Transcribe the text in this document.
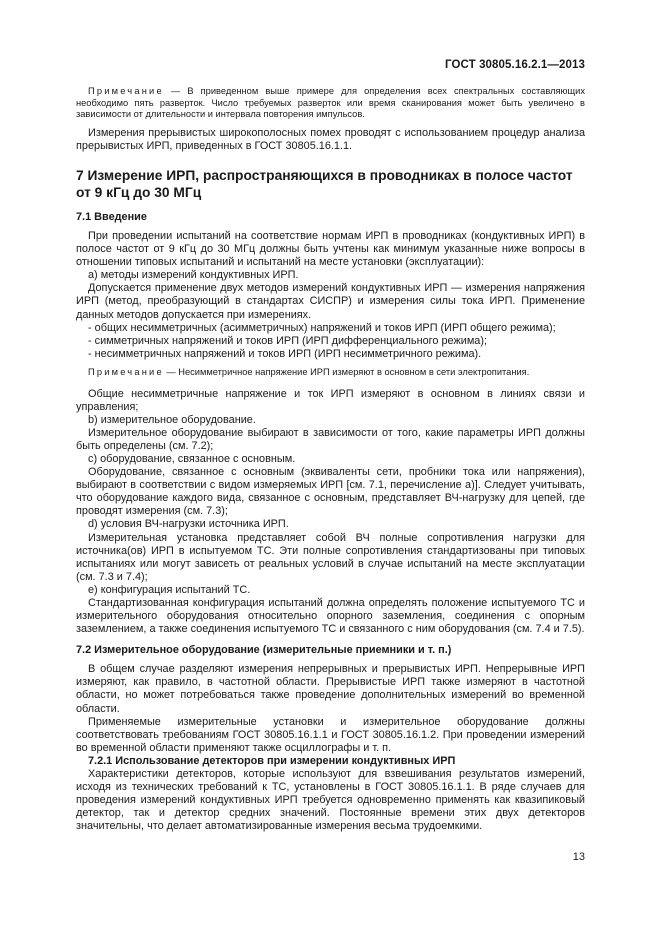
ГОСТ 30805.16.2.1—2013

Примечание — В приведенном выше примере для определения всех спектральных составляющих необходимо пять разверток. Число требуемых разверток или время сканирования может быть увеличено в зависимости от длительности и интервала повторения импульсов.

Измерения прерывистых широкополосных помех проводят с использованием процедур анализа прерывистых ИРП, приведенных в ГОСТ 30805.16.1.1.

7 Измерение ИРП, распространяющихся в проводниках в полосе частот от 9 кГц до 30 МГц
7.1 Введение

При проведении испытаний на соответствие нормам ИРП в проводниках (кондуктивных ИРП) в полосе частот от 9 кГц до 30 МГц должны быть учтены как минимум указанные ниже вопросы в отношении типовых испытаний и испытаний на месте установки (эксплуатации):

а) методы измерений кондуктивных ИРП.

Допускается применение двух методов измерений кондуктивных ИРП — измерения напряжения ИРП (метод, преобразующий в стандартах СИСПР) и измерения силы тока ИРП. Применение данных методов допускается при измерениях.

- общих несимметричных (асимметричных) напряжений и токов ИРП (ИРП общего режима);

- симметричных напряжений и токов ИРП (ИРП дифференциального режима);

- несимметричных напряжений и токов ИРП (ИРП несимметричного режима).

Примечание — Несимметричное напряжение ИРП измеряют в основном в сети электропитания.

Общие несимметричные напряжение и ток ИРП измеряют в основном в линиях связи и управления;

b) измерительное оборудование.

Измерительное оборудование выбирают в зависимости от того, какие параметры ИРП должны быть определены (см. 7.2);

с) оборудование, связанное с основным.

Оборудование, связанное с основным (эквиваленты сети, пробники тока или напряжения), выбирают в соответствии с видом измеряемых ИРП [см. 7.1, перечисление а)]. Следует учитывать, что оборудование каждого вида, связанное с основным, представляет ВЧ-нагрузку для цепей, где проводят измерения (см. 7.3);

d) условия ВЧ-нагрузки источника ИРП.

Измерительная установка представляет собой ВЧ полные сопротивления нагрузки для источника(ов) ИРП в испытуемом ТС. Эти полные сопротивления стандартизованы при типовых испытаниях или могут зависеть от реальных условий в случае испытаний на месте эксплуатации (см. 7.3 и 7.4);

е) конфигурация испытаний ТС.

Стандартизованная конфигурация испытаний должна определять положение испытуемого ТС и измерительного оборудования относительно опорного заземления, соединения с опорным заземлением, а также соединения испытуемого ТС и связанного с ним оборудования (см. 7.4 и 7.5).

7.2 Измерительное оборудование (измерительные приемники и т. п.)

В общем случае разделяют измерения непрерывных и прерывистых ИРП. Непрерывные ИРП измеряют, как правило, в частотной области. Прерывистые ИРП также измеряют в частотной области, но может потребоваться также проведение дополнительных измерений во временной области.

Применяемые измерительные установки и измерительное оборудование должны соответствовать требованиям ГОСТ 30805.16.1.1 и ГОСТ 30805.16.1.2. При проведении измерений во временной области применяют также осциллографы и т. п.

7.2.1 Использование детекторов при измерении кондуктивных ИРП

Характеристики детекторов, которые используют для взвешивания результатов измерений, исходя из технических требований к ТС, установлены в ГОСТ 30805.16.1.1. В ряде случаев для проведения измерений кондуктивных ИРП требуется одновременно применять как квазипиковый детектор, так и детектор средних значений. Постоянные времени этих двух детекторов значительны, что делает автоматизированные измерения весьма трудоемкими.

13
